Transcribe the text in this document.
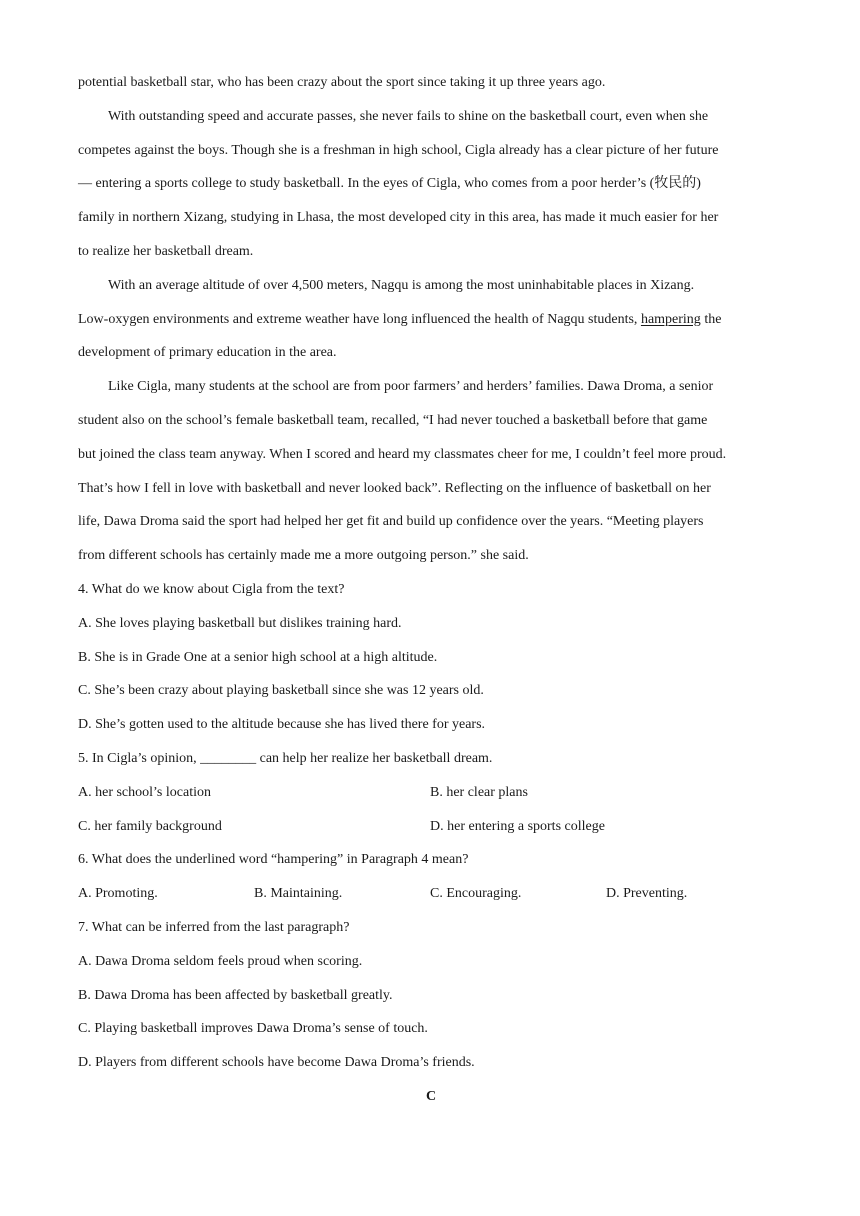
potential basketball star, who has been crazy about the sport since taking it up three years ago.
With outstanding speed and accurate passes, she never fails to shine on the basketball court, even when she
competes against the boys. Though she is a freshman in high school, Cigla already has a clear picture of her future
— entering a sports college to study basketball. In the eyes of Cigla, who comes from a poor herder’s (牧民的)
family in northern Xizang, studying in Lhasa, the most developed city in this area, has made it much easier for her
to realize her basketball dream.
With an average altitude of over 4,500 meters, Nagqu is among the most uninhabitable places in Xizang.
Low-oxygen environments and extreme weather have long influenced the health of Nagqu students, hampering the
development of primary education in the area.
Like Cigla, many students at the school are from poor farmers’ and herders’ families. Dawa Droma, a senior
student also on the school’s female basketball team, recalled, “I had never touched a basketball before that game
but joined the class team anyway. When I scored and heard my classmates cheer for me, I couldn’t feel more proud.
That’s how I fell in love with basketball and never looked back”. Reflecting on the influence of basketball on her
life, Dawa Droma said the sport had helped her get fit and build up confidence over the years. “Meeting players
from different schools has certainly made me a more outgoing person.” she said.
4. What do we know about Cigla from the text?
A. She loves playing basketball but dislikes training hard.
B. She is in Grade One at a senior high school at a high altitude.
C. She’s been crazy about playing basketball since she was 12 years old.
D. She’s gotten used to the altitude because she has lived there for years.
5. In Cigla’s opinion, ________ can help her realize her basketball dream.
A. her school’s location	B. her clear plans
C. her family background	D. her entering a sports college
6. What does the underlined word “hampering” in Paragraph 4 mean?
A. Promoting.	B. Maintaining.	C. Encouraging.	D. Preventing.
7. What can be inferred from the last paragraph?
A. Dawa Droma seldom feels proud when scoring.
B. Dawa Droma has been affected by basketball greatly.
C. Playing basketball improves Dawa Droma’s sense of touch.
D. Players from different schools have become Dawa Droma’s friends.
C
